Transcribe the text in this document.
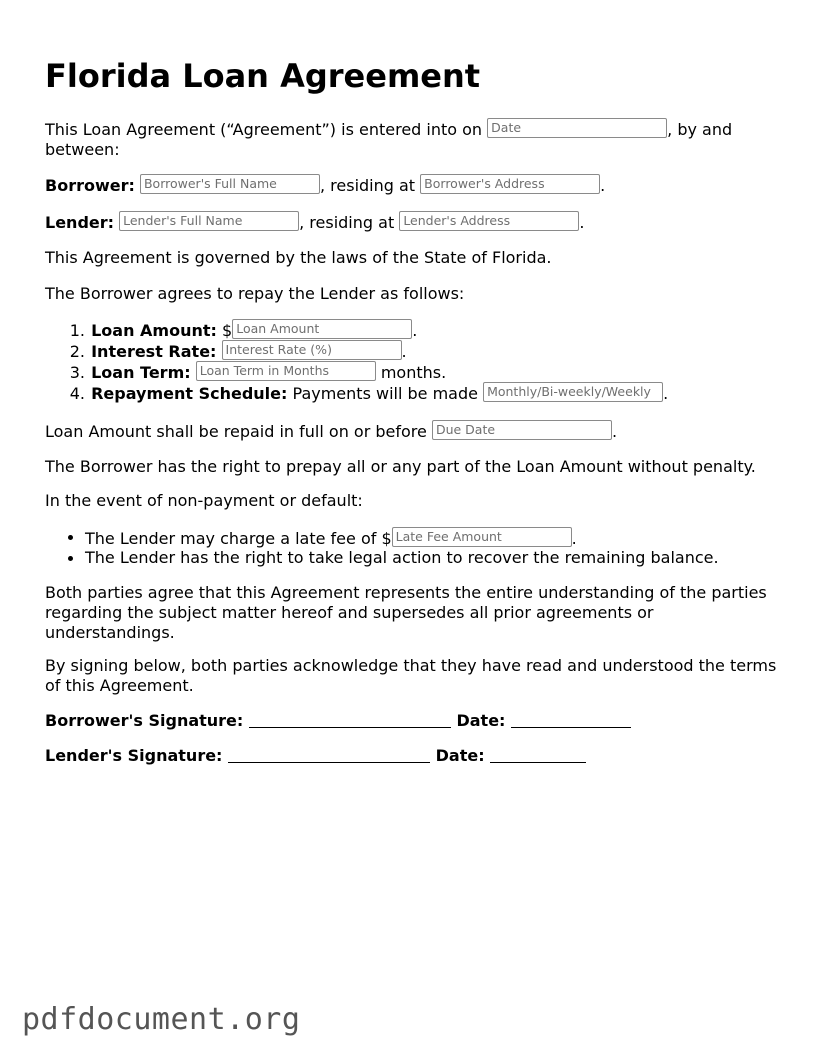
Florida Loan Agreement
This Loan Agreement (“Agreement”) is entered into on Date	, by and
between:
Borrower: Borrower's Full Name	, residing at Borrower's Address	.
Lender: Lender's Full Name	, residing at Lender's Address	.
This Agreement is governed by the laws of the State of Florida.
The Borrower agrees to repay the Lender as follows:
1. Loan Amount: $ Loan Amount	.
2. Interest Rate: Interest Rate (%)	.
3. Loan Term: Loan Term in Months	months.
4. Repayment Schedule: Payments will be made Monthly/Bi-weekly/Weekly	.
Loan Amount shall be repaid in full on or before Due Date	.
The Borrower has the right to prepay all or any part of the Loan Amount without penalty.
In the event of non-payment or default:
The Lender may charge a late fee of $ Late Fee Amount	.
The Lender has the right to take legal action to recover the remaining balance.
Both parties agree that this Agreement represents the entire understanding of the parties
regarding the subject matter hereof and supersedes all prior agreements or
understandings.
By signing below, both parties acknowledge that they have read and understood the terms
of this Agreement.
Borrower's Signature:	Date:
Lender's Signature:	Date:
pdfdocument.org
